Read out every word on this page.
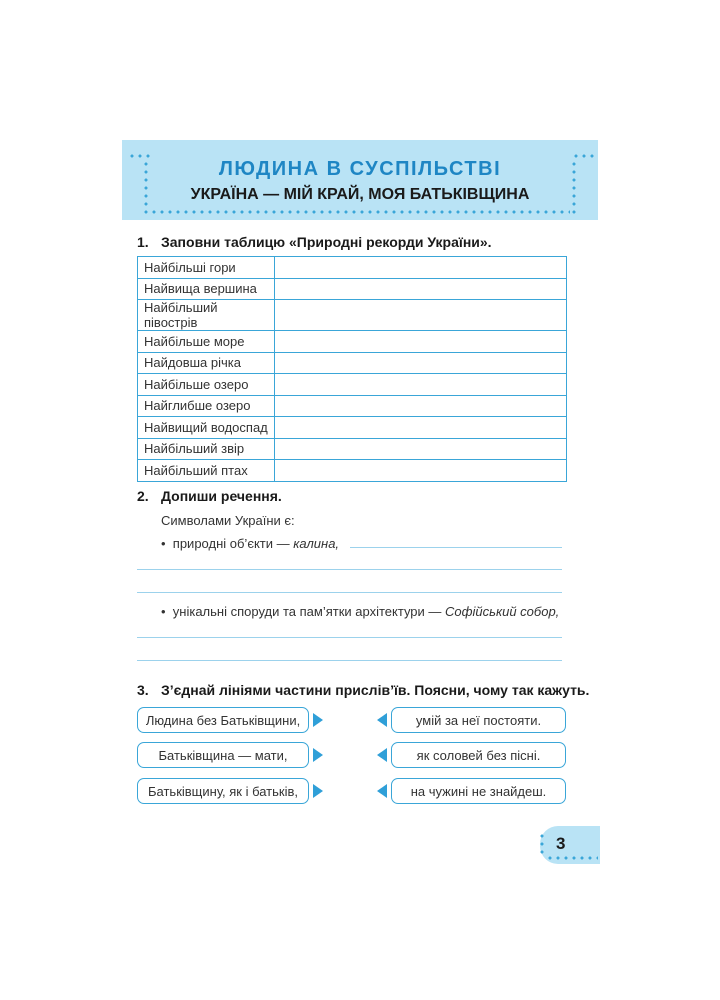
ЛЮДИНА В СУСПІЛЬСТВІ
УКРАЇНА — МІЙ КРАЙ, МОЯ БАТЬКІВЩИНА
1. Заповни таблицю «Природні рекорди України».
Найбільші гори	
Найвища вершина	
Найбільший півострів	
Найбільше море	
Найдовша річка	
Найбільше озеро	
Найглибше озеро	
Найвищий водоспад	
Найбільший звір	
Найбільший птах	
2. Допиши речення.
Символами України є:
•  природні об’єкти — калина,
•  унікальні споруди та пам’ятки архітектури — Софійський собор,
3. З’єднай лініями частини прислів’їв. Поясни, чому так кажуть.
Людина без Батьківщини,	умій за неї постояти.
Батьківщина — мати,	як соловей без пісні.
Батьківщину, як і батьків,	на чужині не знайдеш.
3
